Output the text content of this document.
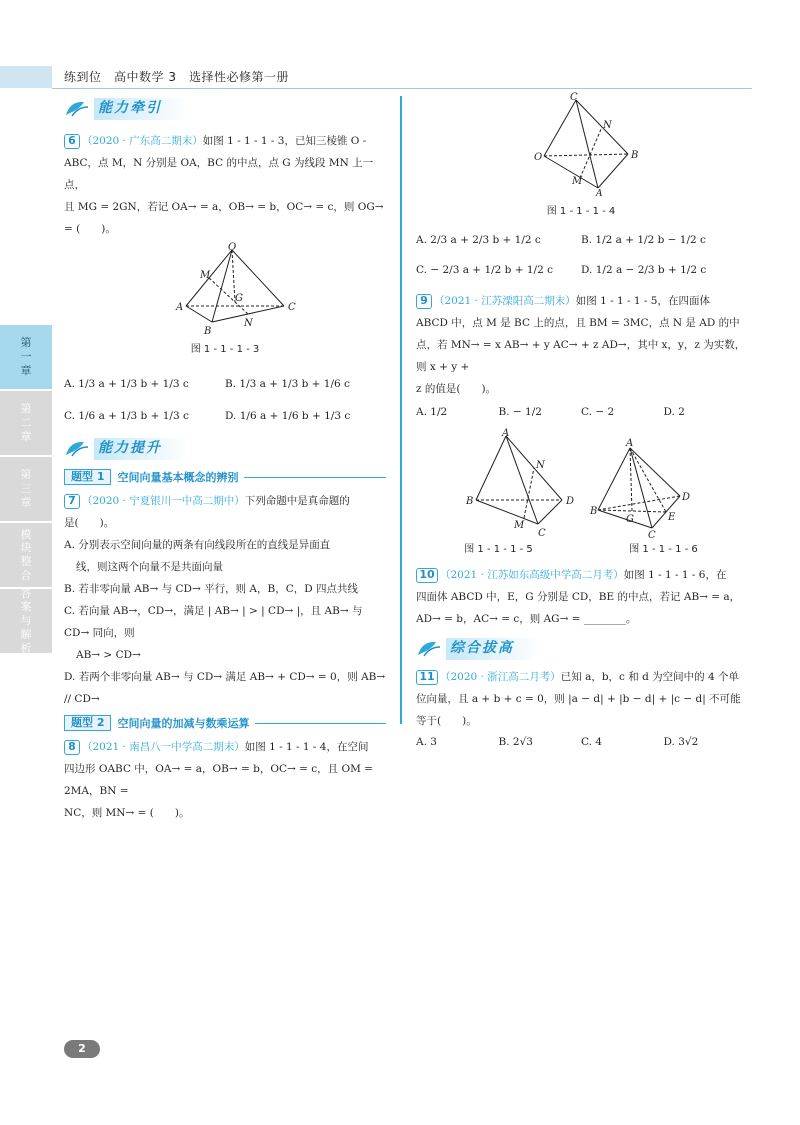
练到位　高中数学 3　选择性必修第一册
第一章
第二章
第三章
模块整合
答案与解析
能力牵引
6 （2020 · 广东高二期末）如图 1 - 1 - 1 - 3，已知三棱锥 O -
ABC，点 M，N 分别是 OA，BC 的中点，点 G 为线段 MN 上一点，
且 MG = 2GN，若记 OA→ = a，OB→ = b，OC→ = c，则 OG→ = (　　)。
O
M
G
A
B
C
N
图 1 - 1 - 1 - 3
A. 1/3 a + 1/3 b + 1/3 c	B. 1/3 a + 1/3 b + 1/6 c
C. 1/6 a + 1/3 b + 1/3 c	D. 1/6 a + 1/6 b + 1/3 c
能力提升
题型 1	空间向量基本概念的辨别
7 （2020 · 宁夏银川一中高二期中）下列命题中是真命题的
是(　　)。
A. 分别表示空间向量的两条有向线段所在的直线是异面直
线，则这两个向量不是共面向量
B. 若非零向量 AB→ 与 CD→ 平行，则 A，B，C，D 四点共线
C. 若向量 AB→，CD→，满足 | AB→ | > | CD→ |，且 AB→ 与 CD→ 同向，则
AB→ > CD→
D. 若两个非零向量 AB→ 与 CD→ 满足 AB→ + CD→ = 0，则 AB→ // CD→
题型 2	空间向量的加减与数乘运算
8 （2021 · 南昌八一中学高二期末）如图 1 - 1 - 1 - 4，在空间
四边形 OABC 中，OA→ = a，OB→ = b，OC→ = c，且 OM = 2MA，BN =
NC，则 MN→ = (　　)。
C
N
O	B
M
A
图 1 - 1 - 1 - 4
A. 2/3 a + 2/3 b + 1/2 c	B. 1/2 a + 1/2 b − 1/2 c
C. − 2/3 a + 1/2 b + 1/2 c	D. 1/2 a − 2/3 b + 1/2 c
9 （2021 · 江苏溧阳高二期末）如图 1 - 1 - 1 - 5，在四面体
ABCD 中，点 M 是 BC 上的点，且 BM = 3MC，点 N 是 AD 的中
点，若 MN→ = x AB→ + y AC→ + z AD→，其中 x，y，z 为实数，则 x + y +
z 的值是(　　)。
A. 1/2	B. − 1/2	C. − 2	D. 2
A
N
B	D
M
C
A
B
D
G	E
C
图 1 - 1 - 1 - 5	图 1 - 1 - 1 - 6
10 （2021 · 江苏如东高级中学高二月考）如图 1 - 1 - 1 - 6，在
四面体 ABCD 中，E，G 分别是 CD，BE 的中点，若记 AB→ = a，
AD→ = b，AC→ = c，则 AG→ = ________。
综合拔高
11 （2020 · 浙江高二月考）已知 a，b，c 和 d 为空间中的 4 个单
位向量，且 a + b + c = 0，则 |a − d| + |b − d| + |c − d| 不可能
等于(　　)。
A. 3	B. 2√3	C. 4	D. 3√2
2
